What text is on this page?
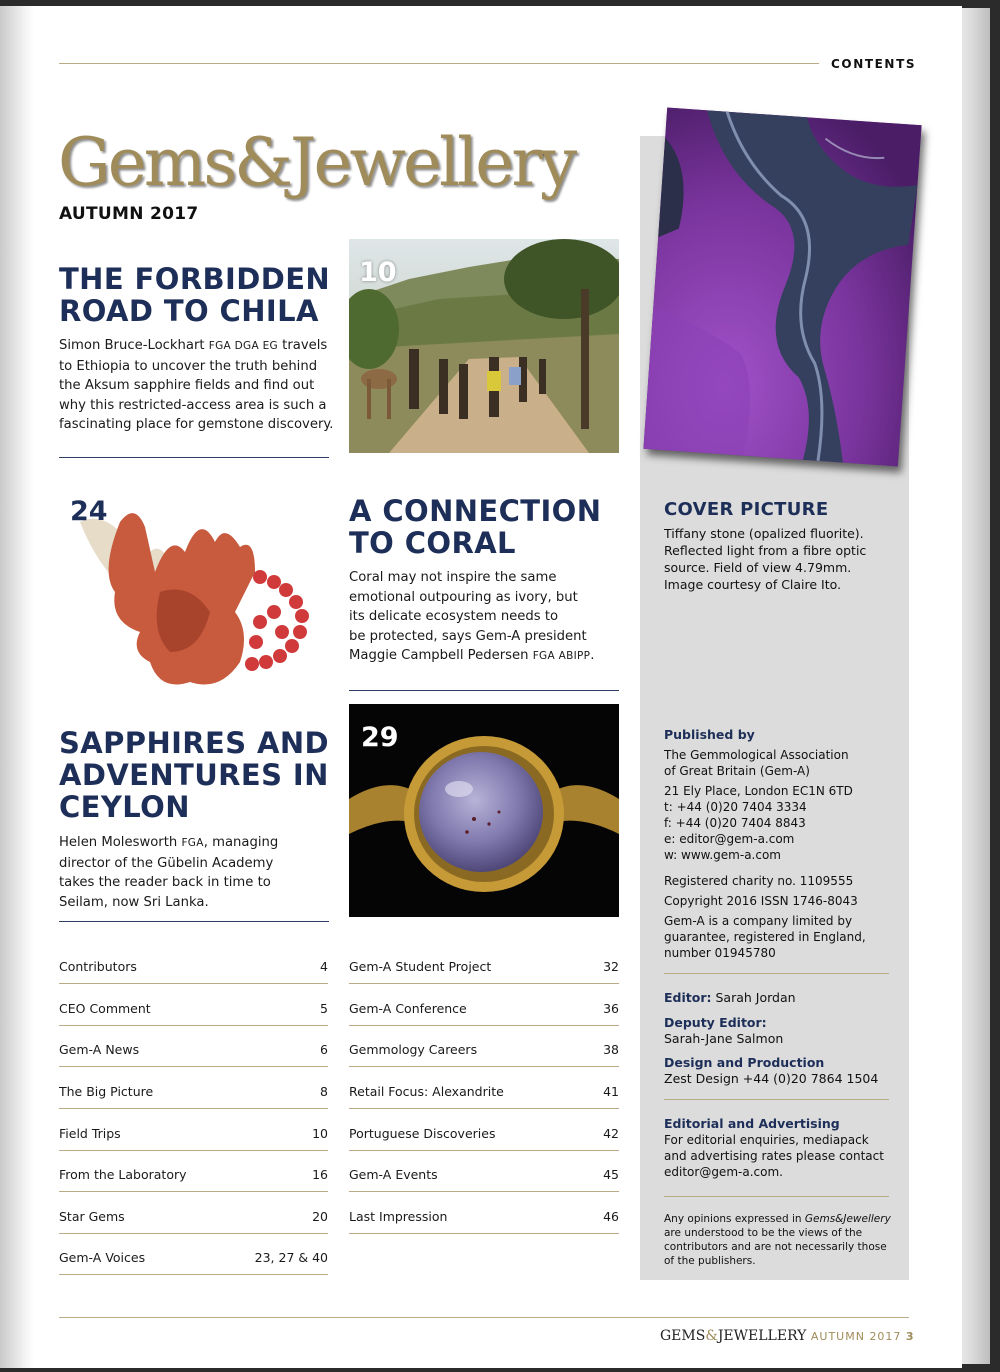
CONTENTS
Gems&Jewellery
AUTUMN 2017
THE FORBIDDEN
ROAD TO CHILA
Simon Bruce-Lockhart FGA DGA EG travels
to Ethiopia to uncover the truth behind
the Aksum sapphire fields and find out
why this restricted-access area is such a
fascinating place for gemstone discovery.
10
24	A CONNECTION
TO CORAL
Coral may not inspire the same
emotional outpouring as ivory, but
its delicate ecosystem needs to
be protected, says Gem-A president
Maggie Campbell Pedersen FGA ABIPP.
SAPPHIRES AND
ADVENTURES IN
CEYLON
Helen Molesworth FGA, managing
director of the Gübelin Academy
takes the reader back in time to
Seilam, now Sri Lanka.
29
COVER PICTURE
Tiffany stone (opalized fluorite).
Reflected light from a fibre optic
source. Field of view 4.79mm.
Image courtesy of Claire Ito.
Published by
The Gemmological Association
of Great Britain (Gem-A)
21 Ely Place, London EC1N 6TD
t: +44 (0)20 7404 3334
f: +44 (0)20 7404 8843
e: editor@gem-a.com
w: www.gem-a.com
Registered charity no. 1109555
Copyright 2016 ISSN 1746-8043
Gem-A is a company limited by
guarantee, registered in England,
number 01945780
Editor: Sarah Jordan
Deputy Editor:
Sarah-Jane Salmon
Design and Production
Zest Design +44 (0)20 7864 1504
Editorial and Advertising
For editorial enquiries, mediapack
and advertising rates please contact
editor@gem-a.com.
Any opinions expressed in Gems&Jewellery
are understood to be the views of the
contributors and are not necessarily those
of the publishers.
Contributors	4
CEO Comment	5
Gem-A News	6
The Big Picture	8
Field Trips	10
From the Laboratory	16
Star Gems	20
Gem-A Voices	23, 27 & 40
Gem-A Student Project	32
Gem-A Conference	36
Gemmology Careers	38
Retail Focus: Alexandrite	41
Portuguese Discoveries	42
Gem-A Events	45
Last Impression	46
GEMS&JEWELLERY AUTUMN 2017 3
